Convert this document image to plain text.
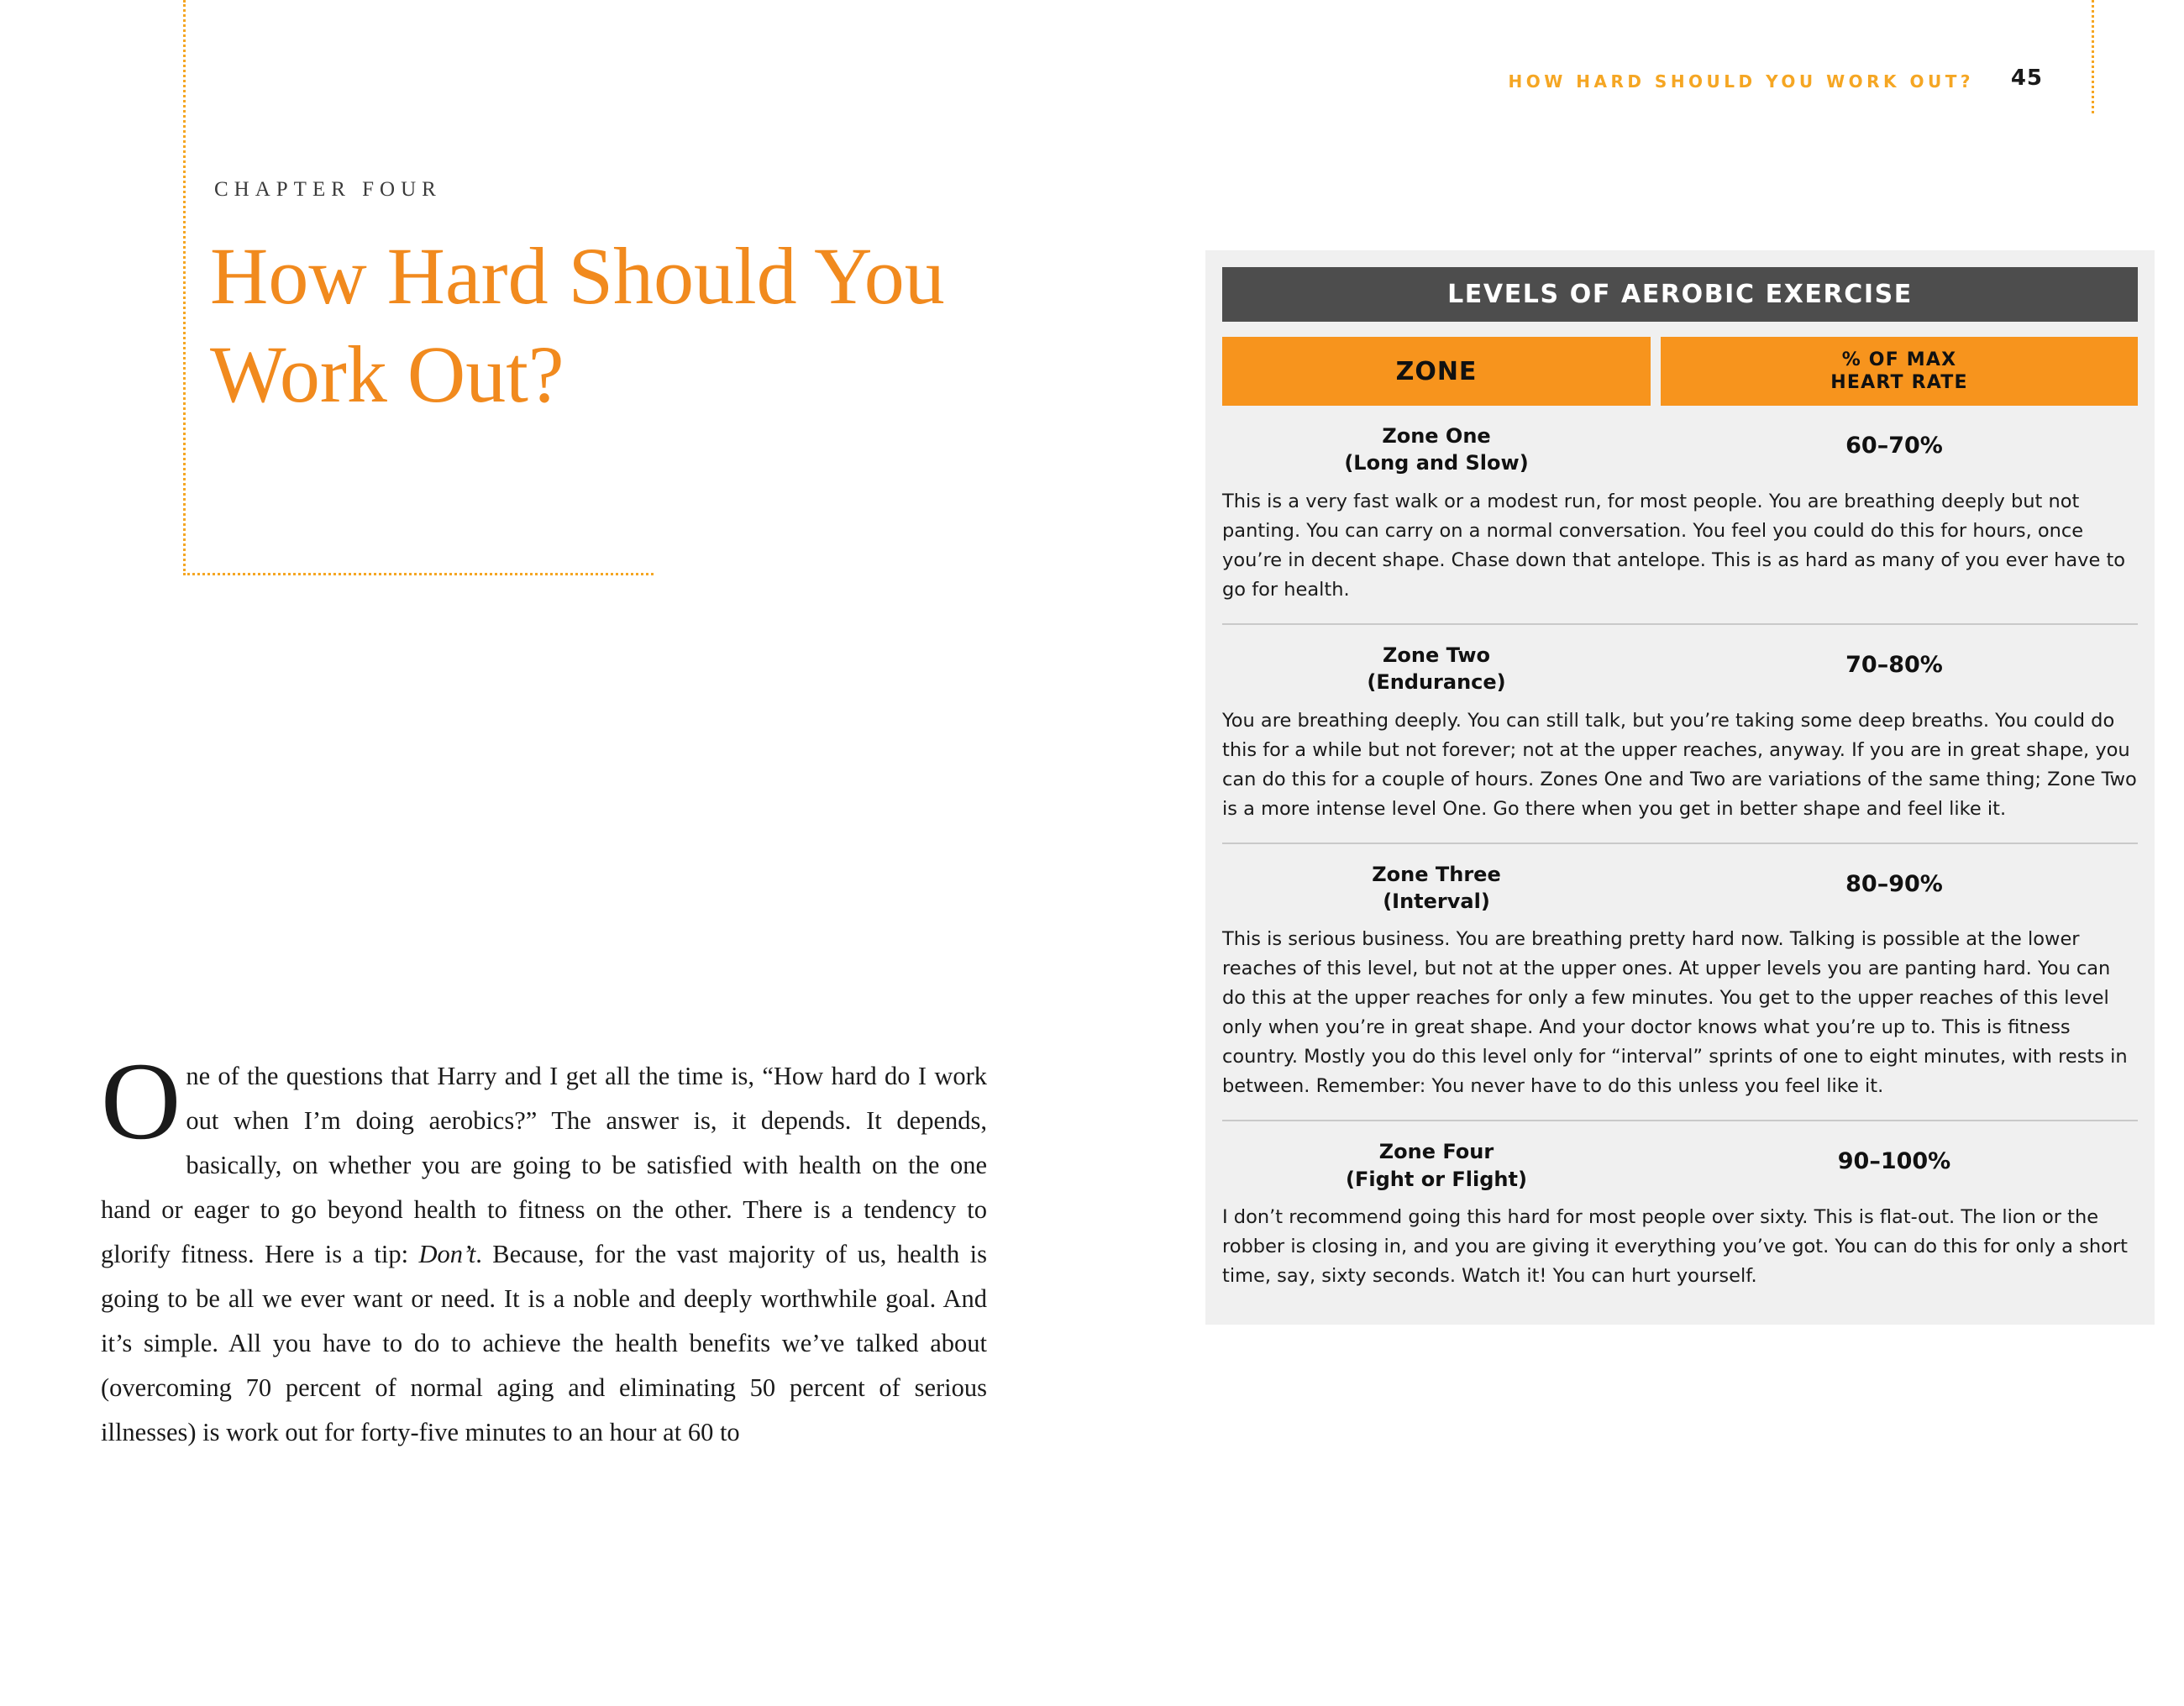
HOW HARD SHOULD YOU WORK OUT? 45
CHAPTER FOUR
How Hard Should You Work Out?
One of the questions that Harry and I get all the time is, “How hard do I work out when I’m doing aerobics?” The answer is, it depends. It depends, basically, on whether you are going to be satisfied with health on the one hand or eager to go beyond health to fitness on the other. There is a tendency to glorify fitness. Here is a tip: Don’t. Because, for the vast majority of us, health is going to be all we ever want or need. It is a noble and deeply worthwhile goal. And it’s simple. All you have to do to achieve the health benefits we’ve talked about (overcoming 70 percent of normal aging and eliminating 50 percent of serious illnesses) is work out for forty-five minutes to an hour at 60 to
LEVELS OF AEROBIC EXERCISE
ZONE	% OF MAX
HEART RATE
Zone One
(Long and Slow)
60–70%
This is a very fast walk or a modest run, for most people. You are breathing deeply but not panting. You can carry on a normal conversation. You feel you could do this for hours, once you’re in decent shape. Chase down that antelope. This is as hard as many of you ever have to go for health.
Zone Two
(Endurance)
70–80%
You are breathing deeply. You can still talk, but you’re taking some deep breaths. You could do this for a while but not forever; not at the upper reaches, anyway. If you are in great shape, you can do this for a couple of hours. Zones One and Two are variations of the same thing; Zone Two is a more intense level One. Go there when you get in better shape and feel like it.
Zone Three
(Interval)
80–90%
This is serious business. You are breathing pretty hard now. Talking is possible at the lower reaches of this level, but not at the upper ones. At upper levels you are panting hard. You can do this at the upper reaches for only a few minutes. You get to the upper reaches of this level only when you’re in great shape. And your doctor knows what you’re up to. This is fitness country. Mostly you do this level only for “interval” sprints of one to eight minutes, with rests in between. Remember: You never have to do this unless you feel like it.
Zone Four
(Fight or Flight)
90–100%
I don’t recommend going this hard for most people over sixty. This is flat-out. The lion or the robber is closing in, and you are giving it everything you’ve got. You can do this for only a short time, say, sixty seconds. Watch it! You can hurt yourself.
